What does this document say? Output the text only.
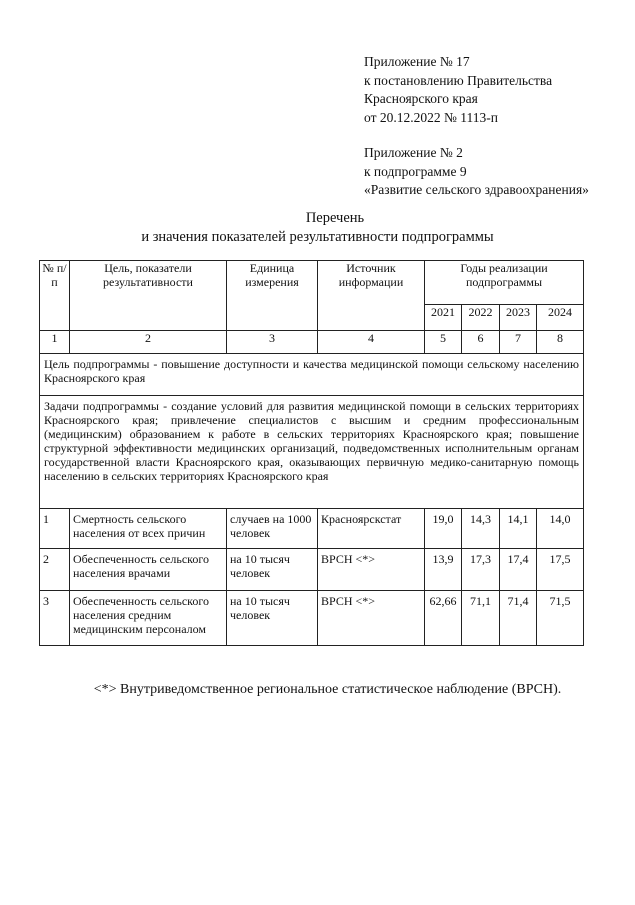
Приложение № 17
к постановлению Правительства
Красноярского края
от 20.12.2022 № 1113-п
Приложение № 2
к подпрограмме 9
«Развитие сельского здравоохранения»
Перечень
и значения показателей результативности подпрограммы
№ п/п	Цель, показатели результативности	Единица измерения	Источник информации	Годы реализации подпрограммы			
				2021	2022	2023	2024
1	2	3	4	5	6	7	8
Цель подпрограммы - повышение доступности и качества медицинской помощи сельскому населению Красноярского края							
Задачи подпрограммы - создание условий для развития медицинской помощи в сельских территориях Красноярского края; привлечение специалистов с высшим и средним профессиональным (медицинским) образованием к работе в сельских территориях Красноярского края; повышение структурной эффективности медицинских организаций, подведомственных исполнительным органам государственной власти Красноярского края, оказывающих первичную медико-санитарную помощь населению в сельских территориях Красноярского края							
1	Смертность сельского населения от всех причин	случаев на 1000 человек	Красноярскстат	19,0	14,3	14,1	14,0
2	Обеспеченность сельского населения врачами	на 10 тысяч человек	ВРСН <*>	13,9	17,3	17,4	17,5
3	Обеспеченность сельского населения средним медицинским персоналом	на 10 тысяч человек	ВРСН <*>	62,66	71,1	71,4	71,5
<*> Внутриведомственное региональное статистическое наблюдение (ВРСН).
